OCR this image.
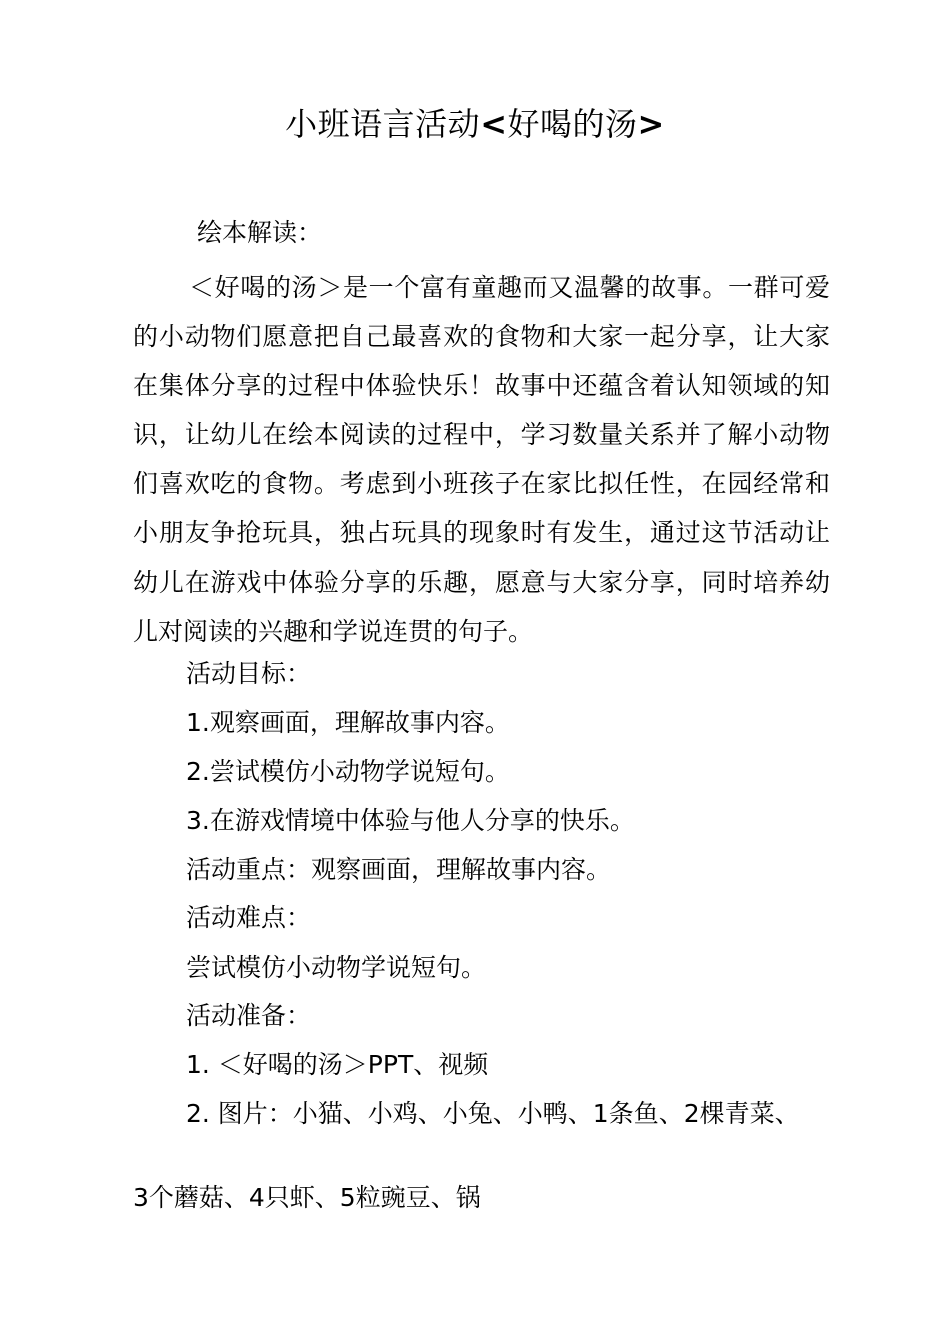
小班语言活动<好喝的汤>
绘本解读：

＜好喝的汤＞是一个富有童趣而又温馨的故事。一群可爱的小动物们愿意把自己最喜欢的食物和大家一起分享，让大家在集体分享的过程中体验快乐！故事中还蕴含着认知领域的知识，让幼儿在绘本阅读的过程中，学习数量关系并了解小动物们喜欢吃的食物。考虑到小班孩子在家比拟任性，在园经常和小朋友争抢玩具，独占玩具的现象时有发生，通过这节活动让幼儿在游戏中体验分享的乐趣，愿意与大家分享，同时培养幼儿对阅读的兴趣和学说连贯的句子。

活动目标：
1.观察画面，理解故事内容。
2.尝试模仿小动物学说短句。
3.在游戏情境中体验与他人分享的快乐。
活动重点：观察画面，理解故事内容。
活动难点：
尝试模仿小动物学说短句。
活动准备：
1. ＜好喝的汤＞PPT、视频
2. 图片：小猫、小鸡、小兔、小鸭、1条鱼、2棵青菜、
3个蘑菇、4只虾、5粒豌豆、锅
